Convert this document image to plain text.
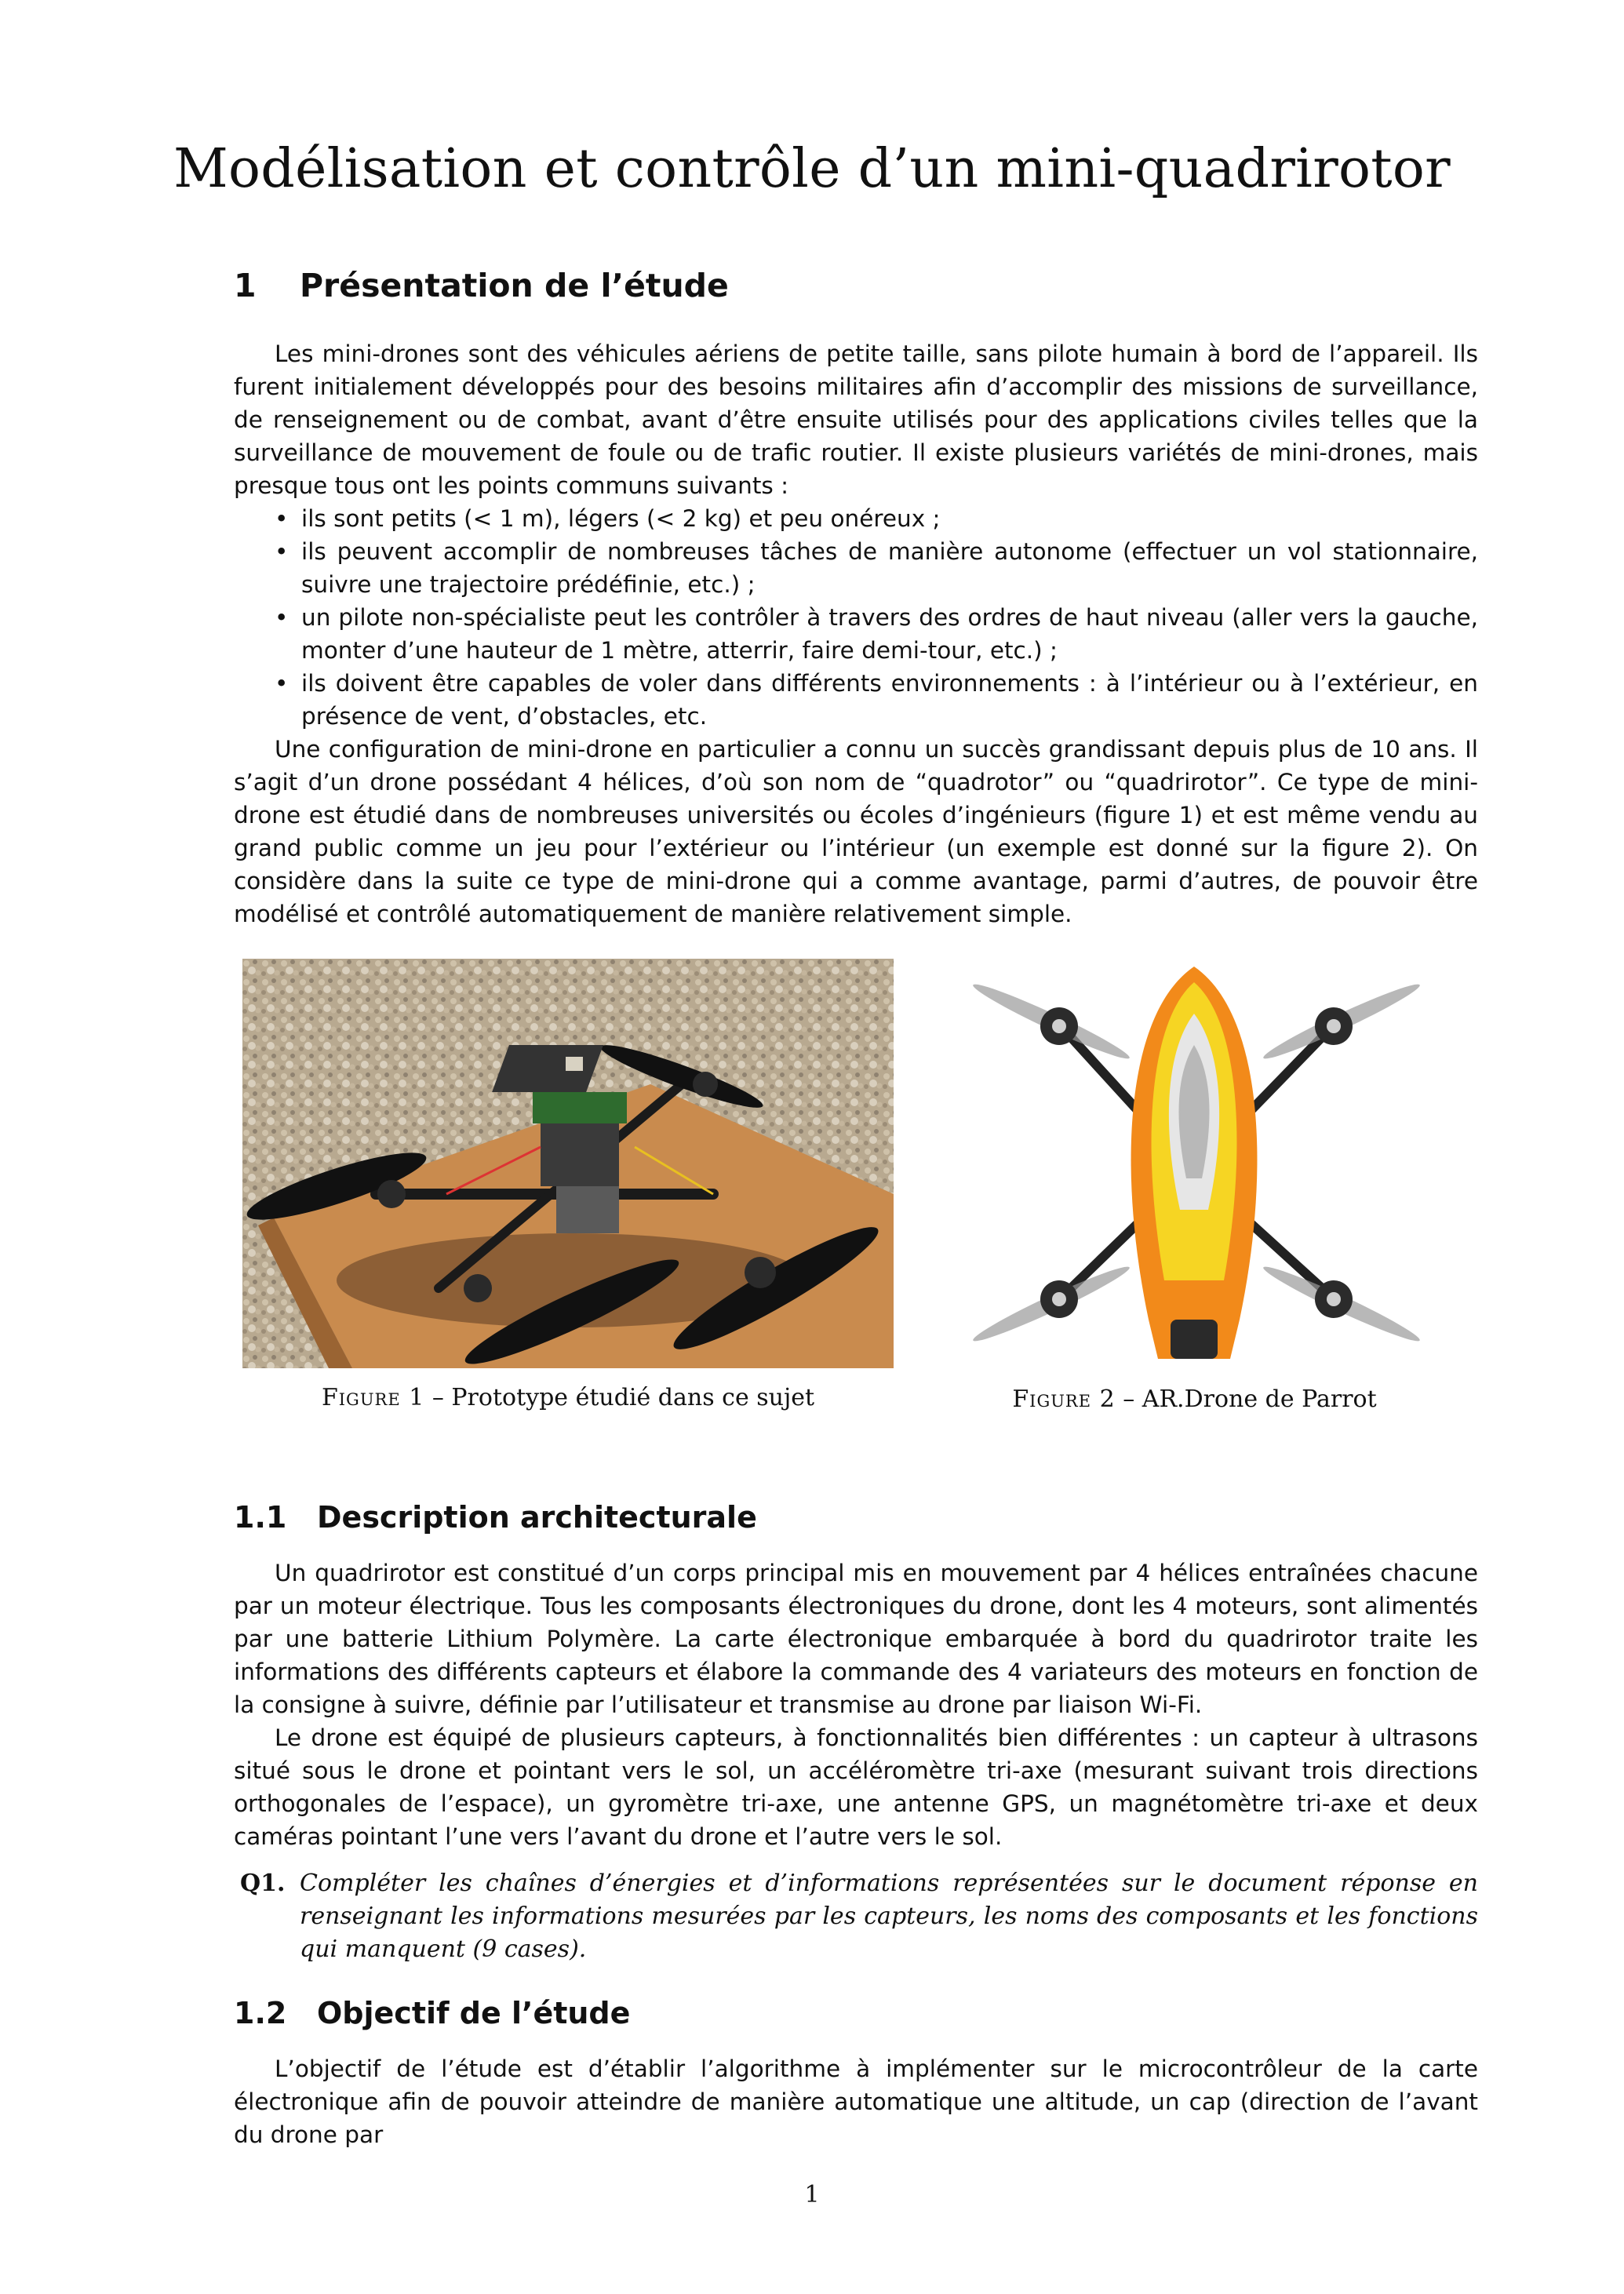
Modélisation et contrôle d’un mini-quadrirotor
1 Présentation de l’étude

Les mini-drones sont des véhicules aériens de petite taille, sans pilote humain à bord de l’appareil. Ils furent initialement développés pour des besoins militaires afin d’accomplir des missions de surveillance, de renseignement ou de combat, avant d’être ensuite utilisés pour des applications civiles telles que la surveillance de mouvement de foule ou de trafic routier. Il existe plusieurs variétés de mini-drones, mais presque tous ont les points communs suivants :

• ils sont petits (< 1 m), légers (< 2 kg) et peu onéreux ;
• ils peuvent accomplir de nombreuses tâches de manière autonome (effectuer un vol stationnaire, suivre une trajectoire prédéfinie, etc.) ;
• un pilote non-spécialiste peut les contrôler à travers des ordres de haut niveau (aller vers la gauche, monter d’une hauteur de 1 mètre, atterrir, faire demi-tour, etc.) ;
• ils doivent être capables de voler dans différents environnements : à l’intérieur ou à l’extérieur, en présence de vent, d’obstacles, etc.

Une configuration de mini-drone en particulier a connu un succès grandissant depuis plus de 10 ans. Il s’agit d’un drone possédant 4 hélices, d’où son nom de “quadrotor” ou “quadrirotor”. Ce type de mini-drone est étudié dans de nombreuses universités ou écoles d’ingénieurs (figure 1) et est même vendu au grand public comme un jeu pour l’extérieur ou l’intérieur (un exemple est donné sur la figure 2). On considère dans la suite ce type de mini-drone qui a comme avantage, parmi d’autres, de pouvoir être modélisé et contrôlé automatiquement de manière relativement simple.

Figure 1 – Prototype étudié dans ce sujet	Figure 2 – AR.Drone de Parrot
1.1 Description architecturale

Un quadrirotor est constitué d’un corps principal mis en mouvement par 4 hélices entraînées chacune par un moteur électrique. Tous les composants électroniques du drone, dont les 4 moteurs, sont alimentés par une batterie Lithium Polymère. La carte électronique embarquée à bord du quadrirotor traite les informations des différents capteurs et élabore la commande des 4 variateurs des moteurs en fonction de la consigne à suivre, définie par l’utilisateur et transmise au drone par liaison Wi-Fi.

Le drone est équipé de plusieurs capteurs, à fonctionnalités bien différentes : un capteur à ultrasons situé sous le drone et pointant vers le sol, un accéléromètre tri-axe (mesurant suivant trois directions orthogonales de l’espace), un gyromètre tri-axe, une antenne GPS, un magnétomètre tri-axe et deux caméras pointant l’une vers l’avant du drone et l’autre vers le sol.

Q1. Compléter les chaînes d’énergies et d’informations représentées sur le document réponse en renseignant les informations mesurées par les capteurs, les noms des composants et les fonctions qui manquent (9 cases).
1.2 Objectif de l’étude

L’objectif de l’étude est d’établir l’algorithme à implémenter sur le microcontrôleur de la carte électronique afin de pouvoir atteindre de manière automatique une altitude, un cap (direction de l’avant du drone par

1
